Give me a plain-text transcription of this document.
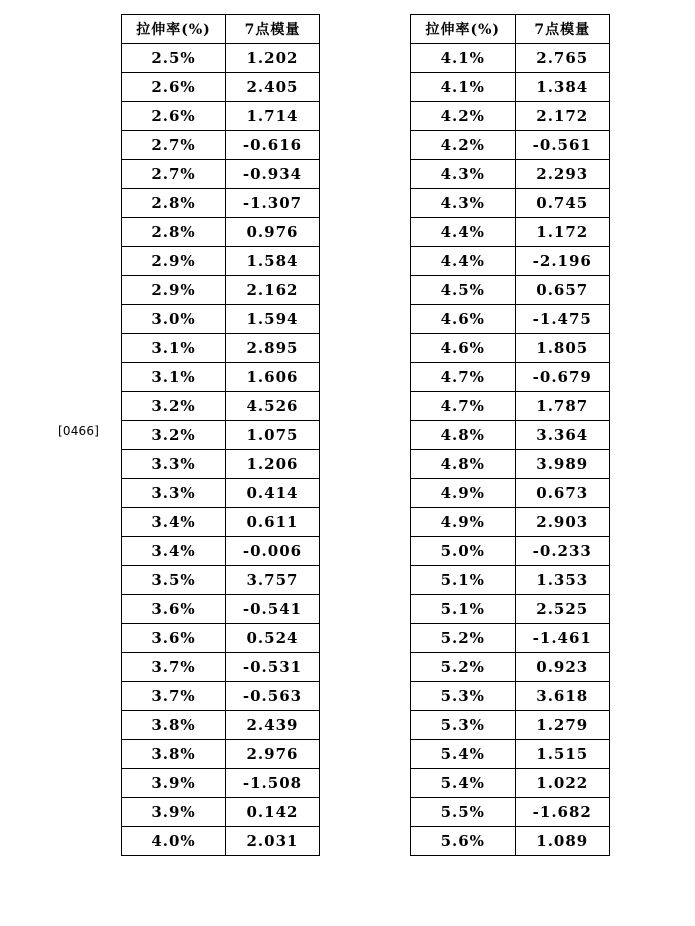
[0466]
拉伸率(%)	7点模量
2.5%	1.202
2.6%	2.405
2.6%	1.714
2.7%	-0.616
2.7%	-0.934
2.8%	-1.307
2.8%	0.976
2.9%	1.584
2.9%	2.162
3.0%	1.594
3.1%	2.895
3.1%	1.606
3.2%	4.526
3.2%	1.075
3.3%	1.206
3.3%	0.414
3.4%	0.611
3.4%	-0.006
3.5%	3.757
3.6%	-0.541
3.6%	0.524
3.7%	-0.531
3.7%	-0.563
3.8%	2.439
3.8%	2.976
3.9%	-1.508
3.9%	0.142
4.0%	2.031
拉伸率(%)	7点模量
4.1%	2.765
4.1%	1.384
4.2%	2.172
4.2%	-0.561
4.3%	2.293
4.3%	0.745
4.4%	1.172
4.4%	-2.196
4.5%	0.657
4.6%	-1.475
4.6%	1.805
4.7%	-0.679
4.7%	1.787
4.8%	3.364
4.8%	3.989
4.9%	0.673
4.9%	2.903
5.0%	-0.233
5.1%	1.353
5.1%	2.525
5.2%	-1.461
5.2%	0.923
5.3%	3.618
5.3%	1.279
5.4%	1.515
5.4%	1.022
5.5%	-1.682
5.6%	1.089
